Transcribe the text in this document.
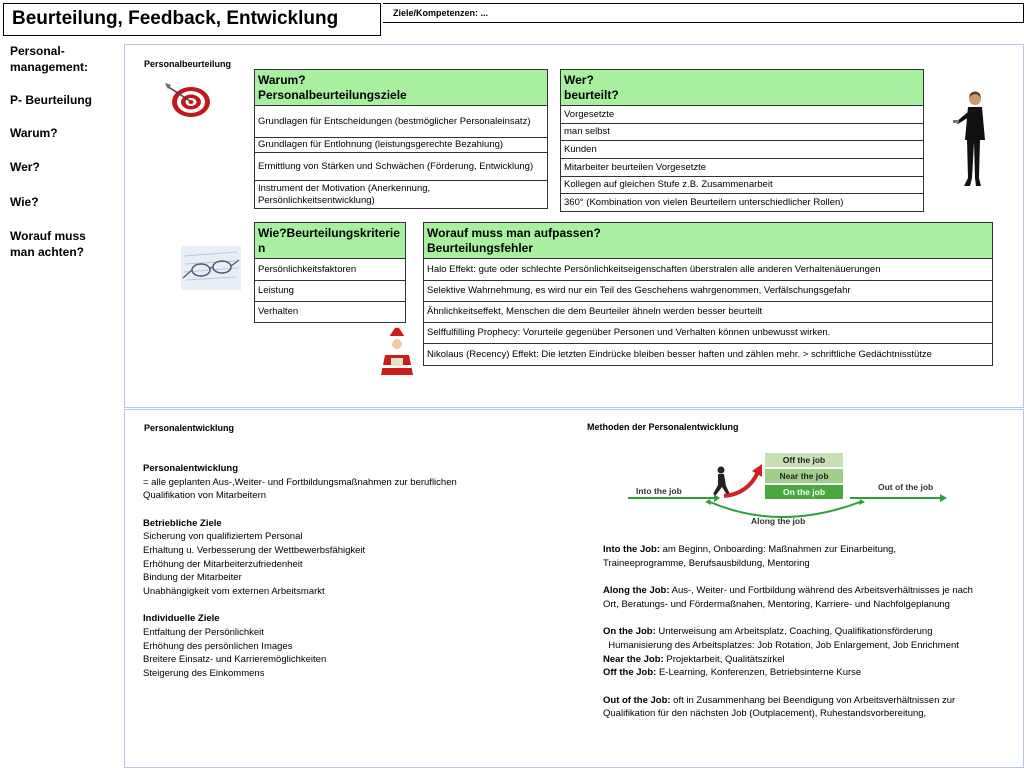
Beurteilung, Feedback, Entwicklung	Ziele/Kompetenzen: ...
Personal-
management:
P- Beurteilung
Warum?
Wer?
Wie?
Worauf muss
man achten?
Personalbeurteilung
Warum?
Personalbeurteilungsziele
Grundlagen für Entscheidungen (bestmöglicher Personaleinsatz)
Grundlagen für Entlohnung (leistungsgerechte Bezahlung)
Ermittlung von Stärken und Schwächen (Förderung, Entwicklung)
Instrument der Motivation (Anerkennung, Persönlichkeitsentwicklung)
Wer?
beurteilt?
Vorgesetzte
man selbst
Kunden
Mitarbeiter beurteilen Vorgesetzte
Kollegen auf gleichen Stufe z.B. Zusammenarbeit
360° (Kombination von vielen Beurteilern unterschiedlicher Rollen)
Wie?Beurteilungskriterien
Persönlichkeitsfaktoren
Leistung
Verhalten
Worauf muss man aufpassen?
Beurteilungsfehler
Halo Effekt: gute oder schlechte Persönlichkeitseigenschaften überstralen alle anderen Verhaltenäuerungen
Selektive Wahrnehmung, es wird nur ein Teil des Geschehens wahrgenommen, Verfälschungsgefahr
Ähnlichkeitseffekt, Menschen die dem Beurteiler ähneln werden besser beurteilt
Selffulfilling Prophecy: Vorurteile gegenüber Personen und Verhalten können unbewusst wirken.
Nikolaus (Recency) Effekt: Die letzten Eindrücke bleiben besser haften und zählen mehr. > schriftliche Gedächtnisstütze
Personalentwicklung	Methoden der Personalentwicklung
Personalentwicklung
= alle geplanten Aus-,Weiter- und Fortbildungsmaßnahmen zur beruflichen
Qualifikation von Mitarbeitern
Betriebliche Ziele
Sicherung von qualifiziertem Personal
Erhaltung u. Verbesserung der Wettbewerbsfähigkeit
Erhöhung der Mitarbeiterzufriedenheit
Bindung der Mitarbeiter
Unabhängigkeit vom externen Arbeitsmarkt
Individuelle Ziele
Entfaltung der Persönlichkeit
Erhöhung des persönlichen Images
Breitere Einsatz- und Karrieremöglichkeiten
Steigerung des Einkommens
Into the job
Off the job
Near the job
On the job	Out of the job
Along the job
Into the Job: am Beginn, Onboarding: Maßnahmen zur Einarbeitung,
Traineeprogramme, Berufsausbildung, Mentoring
Along the Job: Aus-, Weiter- und Fortbildung während des Arbeitsverhältnisses je nach
Ort, Beratungs- und Fördermaßnahen, Mentoring, Karriere- und Nachfolgeplanung
On the Job: Unterweisung am Arbeitsplatz, Coaching, Qualifikationsförderung
Humanisierung des Arbeitsplatzes: Job Rotation, Job Enlargement, Job Enrichment
Near the Job: Projektarbeit, Qualitätszirkel
Off the Job: E-Learning, Konferenzen, Betriebsinterne Kurse
Out of the Job: oft in Zusammenhang bei Beendigung von Arbeitsverhältnissen zur
Qualifikation für den nächsten Job (Outplacement), Ruhestandsvorbereitung,
